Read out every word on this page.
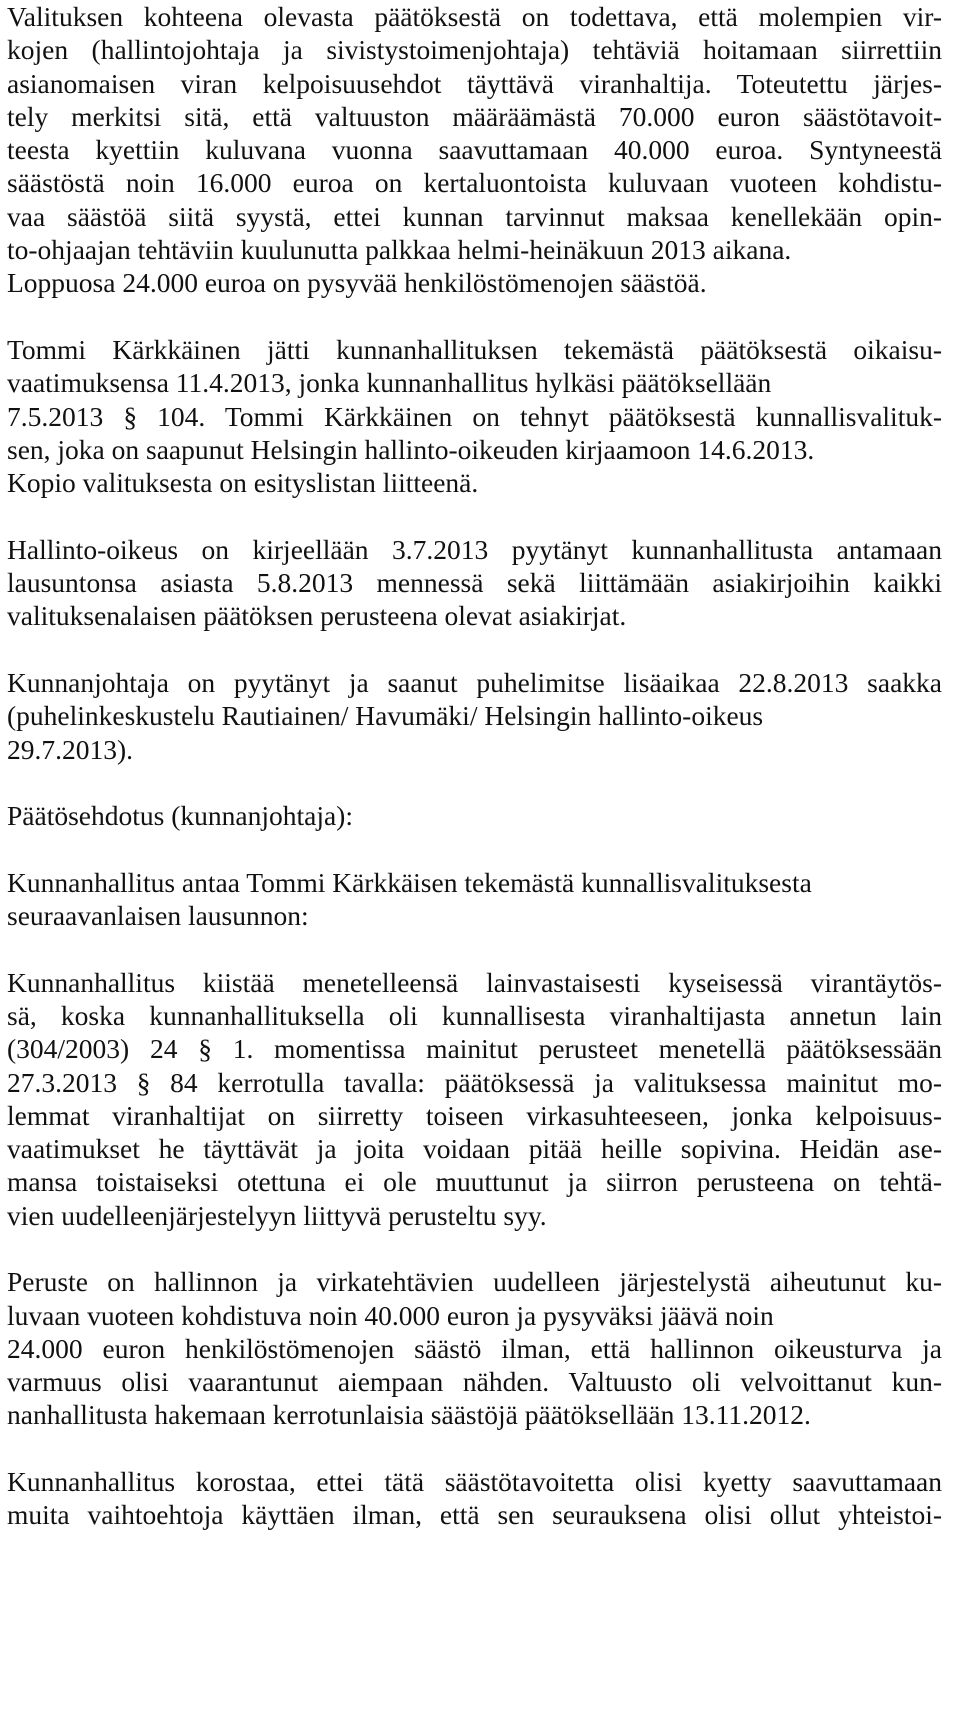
Valituksen kohteena olevasta päätöksestä on todettava, että molempien vir-
kojen (hallintojohtaja ja sivistystoimenjohtaja) tehtäviä hoitamaan siirrettiin
asianomaisen viran kelpoisuusehdot täyttävä viranhaltija. Toteutettu järjes-
tely merkitsi sitä, että valtuuston määräämästä 70.000 euron säästötavoit-
teesta kyettiin kuluvana vuonna saavuttamaan 40.000 euroa. Syntyneestä
säästöstä noin 16.000 euroa on kertaluontoista kuluvaan vuoteen kohdistu-
vaa säästöä siitä syystä, ettei kunnan tarvinnut maksaa kenellekään opin-
to-ohjaajan tehtäviin kuulunutta palkkaa helmi-heinäkuun 2013 aikana.
Loppuosa 24.000 euroa on pysyvää henkilöstömenojen säästöä.
Tommi Kärkkäinen jätti kunnanhallituksen tekemästä päätöksestä oikaisu-
vaatimuksensa 11.4.2013, jonka kunnanhallitus hylkäsi päätöksellään
7.5.2013 § 104. Tommi Kärkkäinen on tehnyt päätöksestä kunnallisvalituk-
sen, joka on saapunut Helsingin hallinto-oikeuden kirjaamoon 14.6.2013.
Kopio valituksesta on esityslistan liitteenä.
Hallinto-oikeus on kirjeellään 3.7.2013 pyytänyt kunnanhallitusta antamaan
lausuntonsa asiasta 5.8.2013 mennessä sekä liittämään asiakirjoihin kaikki
valituksenalaisen päätöksen perusteena olevat asiakirjat.
Kunnanjohtaja on pyytänyt ja saanut puhelimitse lisäaikaa 22.8.2013 saakka
(puhelinkeskustelu Rautiainen/ Havumäki/ Helsingin hallinto-oikeus
29.7.2013).
Päätösehdotus (kunnanjohtaja):
Kunnanhallitus antaa Tommi Kärkkäisen tekemästä kunnallisvalituksesta
seuraavanlaisen lausunnon:
Kunnanhallitus kiistää menetelleensä lainvastaisesti kyseisessä virantäytös-
sä, koska kunnanhallituksella oli kunnallisesta viranhaltijasta annetun lain
(304/2003) 24 § 1. momentissa mainitut perusteet menetellä päätöksessään
27.3.2013 § 84 kerrotulla tavalla: päätöksessä ja valituksessa mainitut mo-
lemmat viranhaltijat on siirretty toiseen virkasuhteeseen, jonka kelpoisuus-
vaatimukset he täyttävät ja joita voidaan pitää heille sopivina. Heidän ase-
mansa toistaiseksi otettuna ei ole muuttunut ja siirron perusteena on tehtä-
vien uudelleenjärjestelyyn liittyvä perusteltu syy.
Peruste on hallinnon ja virkatehtävien uudelleen järjestelystä aiheutunut ku-
luvaan vuoteen kohdistuva noin 40.000 euron ja pysyväksi jäävä noin
24.000 euron henkilöstömenojen säästö ilman, että hallinnon oikeusturva ja
varmuus olisi vaarantunut aiempaan nähden. Valtuusto oli velvoittanut kun-
nanhallitusta hakemaan kerrotunlaisia säästöjä päätöksellään 13.11.2012.
Kunnanhallitus korostaa, ettei tätä säästötavoitetta olisi kyetty saavuttamaan
muita vaihtoehtoja käyttäen ilman, että sen seurauksena olisi ollut yhteistoi-
